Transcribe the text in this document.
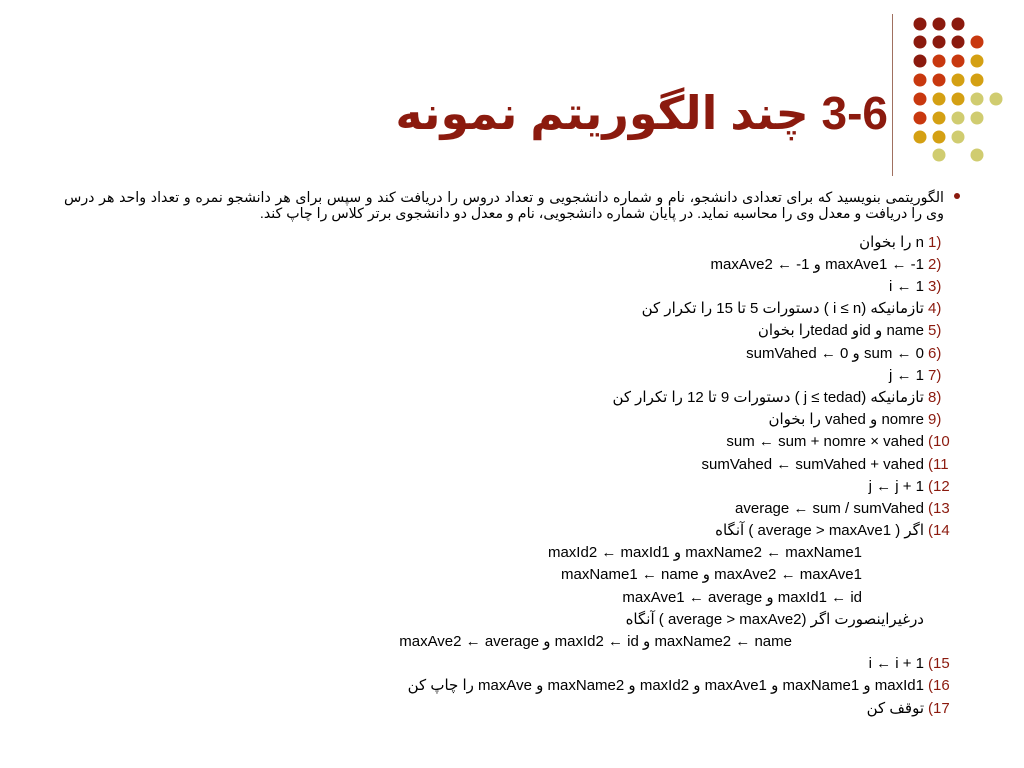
3-6 چند الگوریتم نمونه
الگوریتمی بنویسید که برای تعدادی دانشجو، نام و شماره دانشجویی و تعداد دروس را دریافت کند و سپس برای هر دانشجو نمره و تعداد واحد هر درس وی را دریافت و معدل وی را محاسبه نماید. در پایان شماره دانشجویی، نام و معدل دو دانشجوی برتر کلاس را چاپ کند.
1)
n را بخوان
2)
maxAve1 ← -1 و maxAve2 ← -1
3)
i ← 1
4)
تازمانیکه (i ≤ n ) دستورات 5 تا 15 را تکرار کن
5)
name و idو tedadرا بخوان
6)
sum ← 0 و sumVahed ← 0
7)
j ← 1
8)
تازمانیکه (j ≤ tedad ) دستورات 9 تا 12 را تکرار کن
9)
nomre و vahed را بخوان
(10
sum ← sum + nomre × vahed
(11
sumVahed ← sumVahed + vahed
(12
j ← j + 1
(13
average ← sum / sumVahed
(14
اگر ( average > maxAve1 ) آنگاه
maxName2 ← maxName1 و maxId2 ← maxId1
maxAve2 ← maxAve1 و maxName1 ← name
maxId1 ← id و maxAve1 ← average
درغیراینصورت اگر (average > maxAve2 ) آنگاه
maxName2 ← name و maxId2 ← id و maxAve2 ← average
(15
i ← i + 1
(16
maxId1 و maxName1 و maxAve1 و maxId2 و maxName2 و maxAve را چاپ کن
(17
توقف کن
